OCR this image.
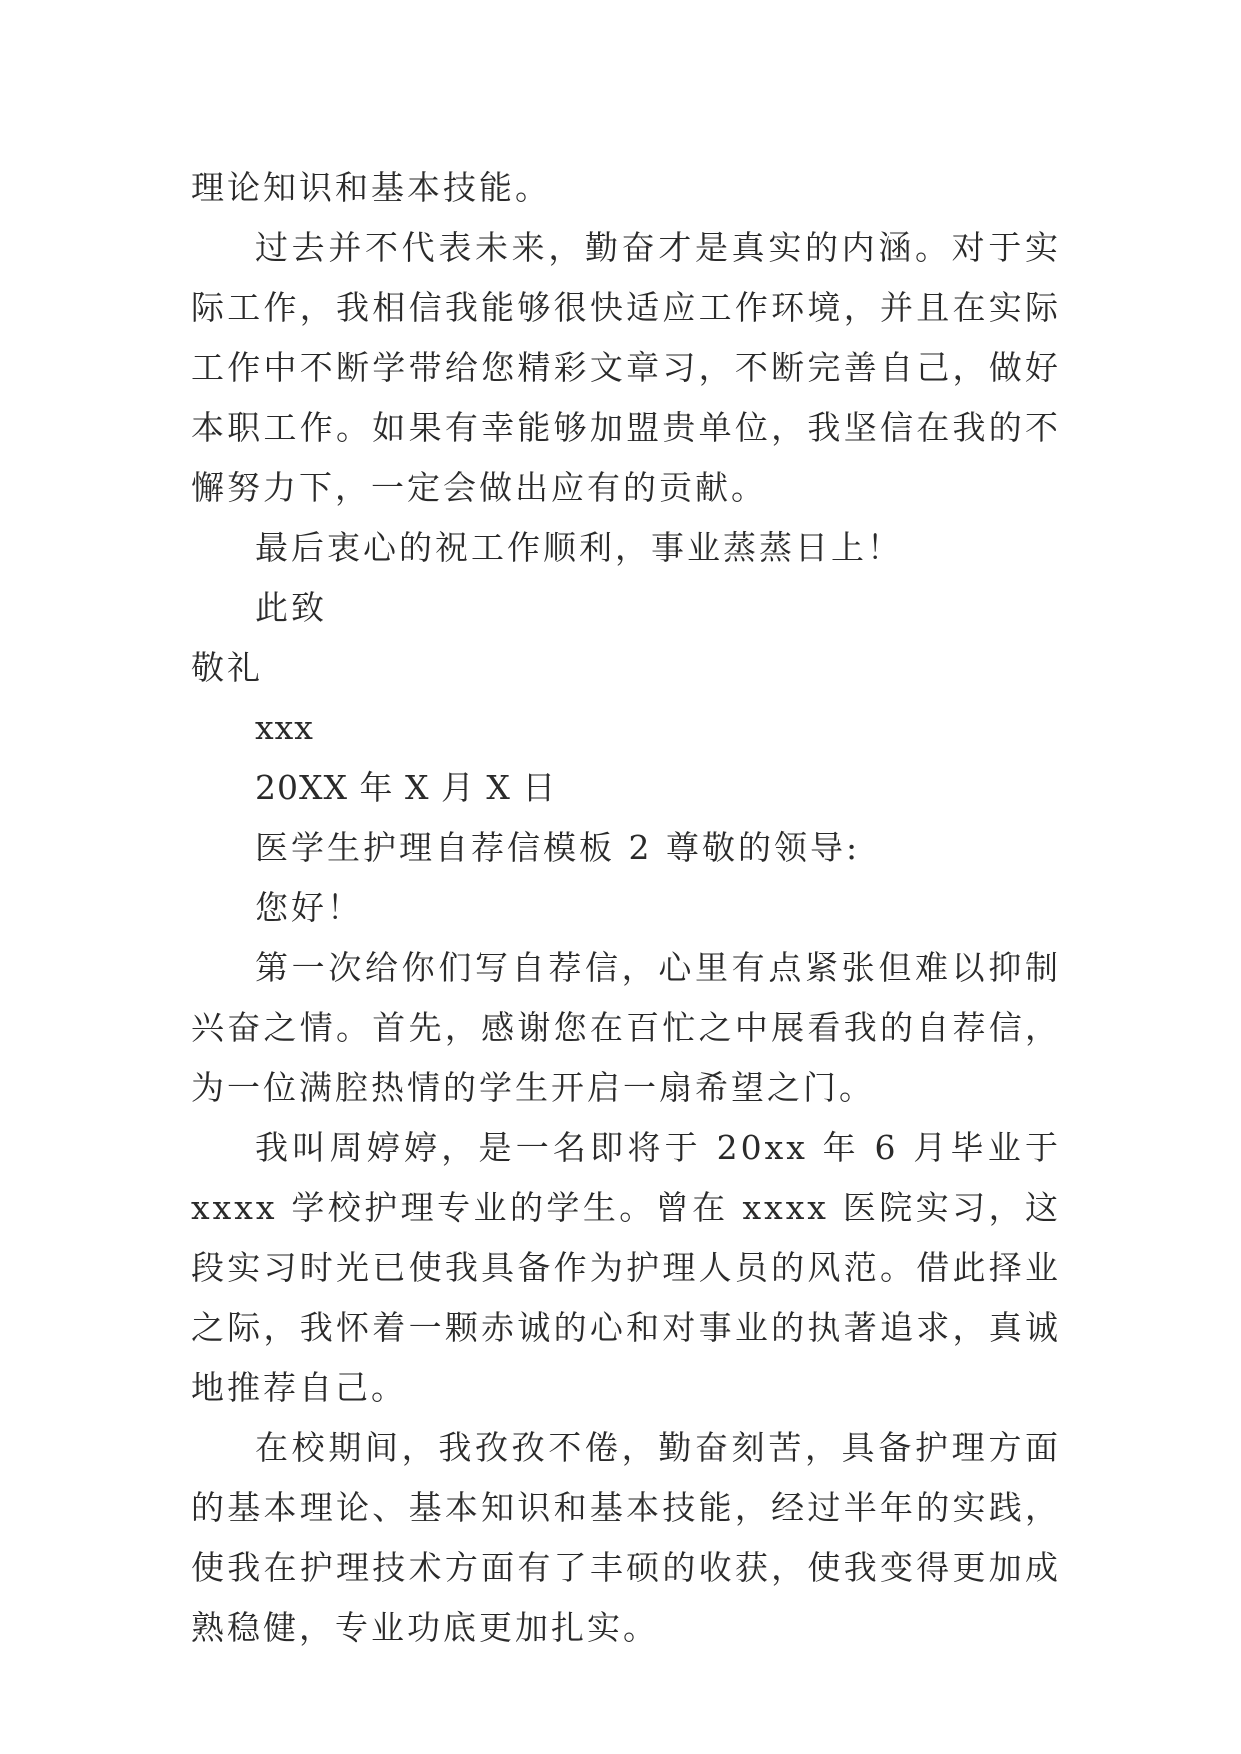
理论知识和基本技能。

过去并不代表未来，勤奋才是真实的内涵。对于实际工作，我相信我能够很快适应工作环境，并且在实际工作中不断学带给您精彩文章习，不断完善自己，做好本职工作。如果有幸能够加盟贵单位，我坚信在我的不懈努力下，一定会做出应有的贡献。

最后衷心的祝工作顺利，事业蒸蒸日上！

此致

敬礼

xxx

20XX 年 X 月 X 日

医学生护理自荐信模板 2 尊敬的领导:

您好！

第一次给你们写自荐信，心里有点紧张但难以抑制兴奋之情。首先，感谢您在百忙之中展看我的自荐信，为一位满腔热情的学生开启一扇希望之门。

我叫周婷婷，是一名即将于 20xx 年 6 月毕业于 xxxx 学校护理专业的学生。曾在 xxxx 医院实习，这段实习时光已使我具备作为护理人员的风范。借此择业之际，我怀着一颗赤诚的心和对事业的执著追求，真诚地推荐自己。

在校期间，我孜孜不倦，勤奋刻苦，具备护理方面的基本理论、基本知识和基本技能，经过半年的实践，使我在护理技术方面有了丰硕的收获，使我变得更加成熟稳健，专业功底更加扎实。
